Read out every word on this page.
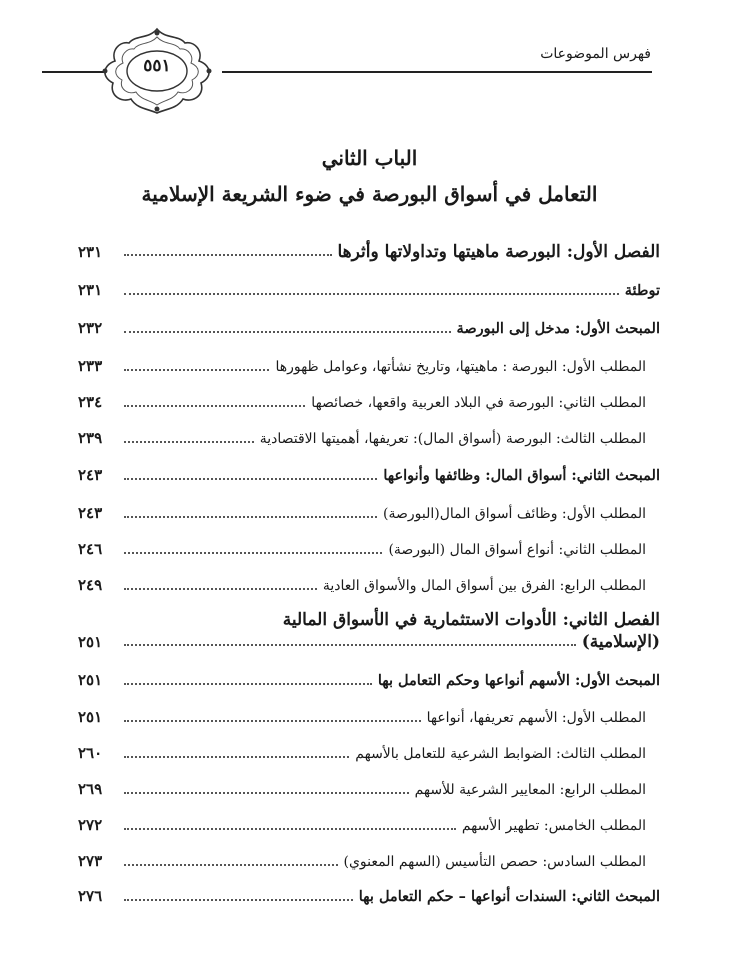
فهرس الموضوعات
٥٥١
الباب الثاني
التعامل في أسواق البورصة في ضوء الشريعة الإسلامية
الفصل الأول: البورصة ماهيتها وتداولاتها وأثرها
٢٣١
توطئة
٢٣١
المبحث الأول: مدخل إلى البورصة
٢٣٢
المطلب الأول: البورصة : ماهيتها، وتاريخ نشأتها، وعوامل ظهورها
٢٣٣
المطلب الثاني: البورصة في البلاد العربية واقعها، خصائصها
٢٣٤
المطلب الثالث: البورصة (أسواق المال): تعريفها، أهميتها الاقتصادية
٢٣٩
المبحث الثاني: أسواق المال: وظائفها وأنواعها
٢٤٣
المطلب الأول: وظائف أسواق المال(البورصة)
٢٤٣
المطلب الثاني: أنواع أسواق المال (البورصة)
٢٤٦
المطلب الرابع: الفرق بين أسواق المال والأسواق العادية
٢٤٩
الفصل الثاني: الأدوات الاستثمارية في الأسواق المالية
(الإسلامية)
٢٥١
المبحث الأول: الأسهم أنواعها وحكم التعامل بها
٢٥١
المطلب الأول: الأسهم تعريفها، أنواعها
٢٥١
المطلب الثالث: الضوابط الشرعية للتعامل بالأسهم
٢٦٠
المطلب الرابع: المعايير الشرعية للأسهم
٢٦٩
المطلب الخامس: تطهير الأسهم
٢٧٢
المطلب السادس: حصص التأسيس (السهم المعنوي)
٢٧٣
المبحث الثاني: السندات أنواعها – حكم التعامل بها
٢٧٦
